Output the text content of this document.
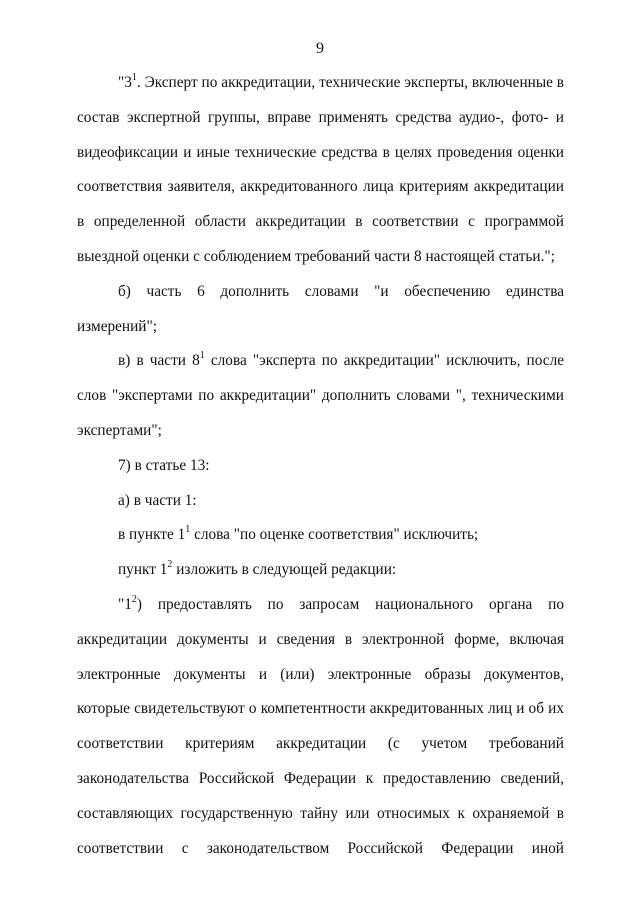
9

"$3^1$. Эксперт по аккредитации, технические эксперты, включенные в состав экспертной группы, вправе применять средства аудио-, фото- и видеофиксации и иные технические средства в целях проведения оценки соответствия заявителя, аккредитованного лица критериям аккредитации в определенной области аккредитации в соответствии с программой выездной оценки с соблюдением требований части 8 настоящей статьи.";

б) часть 6 дополнить словами "и обеспечению единства измерений";

в) в части $8^1$ слова "эксперта по аккредитации" исключить, после слов "экспертами по аккредитации" дополнить словами ", техническими экспертами";

7) в статье 13:

а) в части 1:

в пункте $1^1$ слова "по оценке соответствия" исключить;

пункт $1^2$ изложить в следующей редакции:

"$1^2$) предоставлять по запросам национального органа по аккредитации документы и сведения в электронной форме, включая электронные документы и (или) электронные образы документов, которые свидетельствуют о компетентности аккредитованных лиц и об их соответствии критериям аккредитации (с учетом требований законодательства Российской Федерации к предоставлению сведений, составляющих государственную тайну или относимых к охраняемой в соответствии с законодательством Российской Федерации иной
